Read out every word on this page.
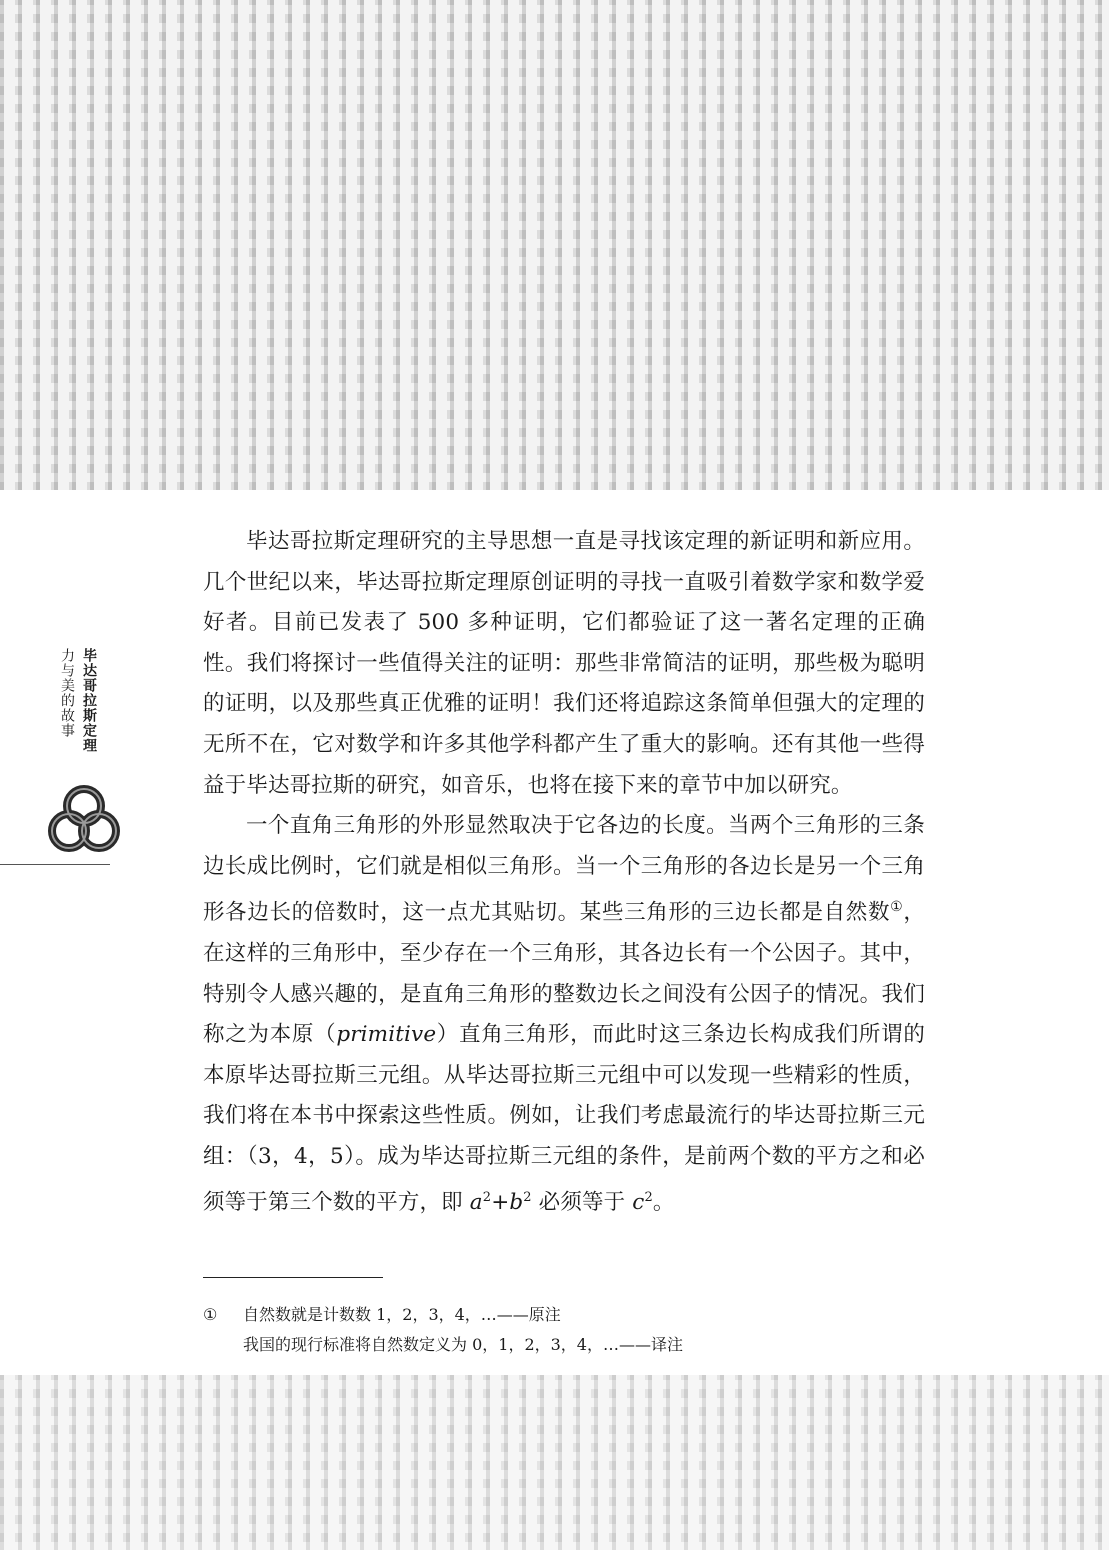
毕达哥拉斯定理
力与美的故事

毕达哥拉斯定理研究的主导思想一直是寻找该定理的新证明和新应用。几个世纪以来，毕达哥拉斯定理原创证明的寻找一直吸引着数学家和数学爱好者。目前已发表了 500 多种证明，它们都验证了这一著名定理的正确性。我们将探讨一些值得关注的证明：那些非常简洁的证明，那些极为聪明的证明，以及那些真正优雅的证明！我们还将追踪这条简单但强大的定理的无所不在，它对数学和许多其他学科都产生了重大的影响。还有其他一些得益于毕达哥拉斯的研究，如音乐，也将在接下来的章节中加以研究。

一个直角三角形的外形显然取决于它各边的长度。当两个三角形的三条边长成比例时，它们就是相似三角形。当一个三角形的各边长是另一个三角形各边长的倍数时，这一点尤其贴切。某些三角形的三边长都是自然数①，在这样的三角形中，至少存在一个三角形，其各边长有一个公因子。其中，特别令人感兴趣的，是直角三角形的整数边长之间没有公因子的情况。我们称之为本原（primitive）直角三角形，而此时这三条边长构成我们所谓的本原毕达哥拉斯三元组。从毕达哥拉斯三元组中可以发现一些精彩的性质，我们将在本书中探索这些性质。例如，让我们考虑最流行的毕达哥拉斯三元组：（3，4，5）。成为毕达哥拉斯三元组的条件，是前两个数的平方之和必须等于第三个数的平方，即 $a^2+b^2$ 必须等于 $c^2$。

① 自然数就是计数数 1，2，3，4，…——原注
我国的现行标准将自然数定义为 0，1，2，3，4，…——译注
